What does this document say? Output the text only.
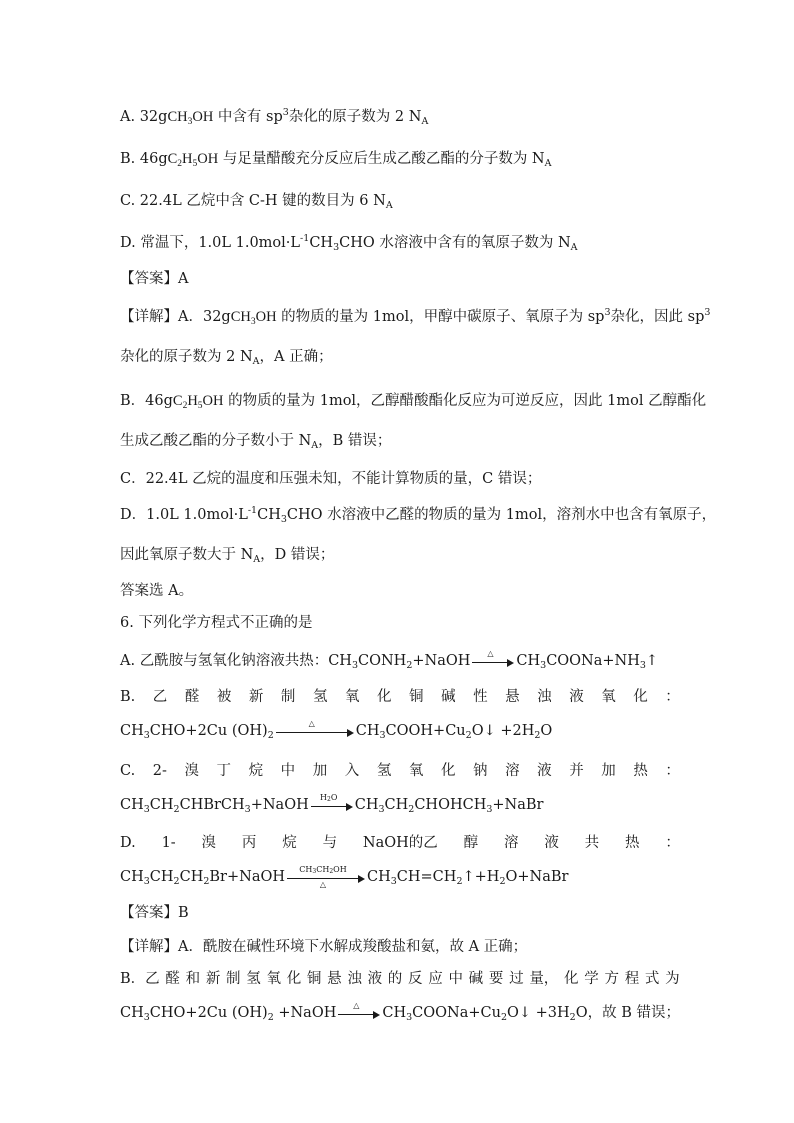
A. 32gCH$_3$OH 中含有 $sp^3$杂化的原子数为 2 $N_A$
B. $46gC_2H_5OH$ 与足量醋酸充分反应后生成乙酸乙酯的分子数为 $N_A$
C. 22.4L 乙烷中含 C-H 键的数目为 6 $N_A$
D. 常温下，1.0L $1.0mol\cdot L^{-1}CH_3CHO$ 水溶液中含有的氧原子数为 $N_A$
【答案】A
【详解】A．32gCH$_3$OH 的物质的量为 1mol，甲醇中碳原子、氧原子为 $sp^3$杂化，因此 $sp^3$
杂化的原子数为 2 $N_A$，A 正确；
B．$46gC_2H_5OH$ 的物质的量为 1mol，乙醇醋酸酯化反应为可逆反应，因此 1mol 乙醇酯化
生成乙酸乙酯的分子数小于 $N_A$，B 错误；
C．22.4L 乙烷的温度和压强未知，不能计算物质的量，C 错误；
D．1.0L $1.0mol\cdot L^{-1}CH_3CHO$ 水溶液中乙醛的物质的量为 1mol，溶剂水中也含有氧原子，
因此氧原子数大于 $N_A$，D 错误；
答案选 A。
6. 下列化学方程式不正确的是
A. 乙酰胺与氢氧化钠溶液共热：$CH_3CONH_2+NaOH$	△	$CH_3COONa+NH_3↑$
B. 乙 醛 被 新 制 氢 氧 化 铜 碱 性 悬 浊 液 氧 化 ：
$CH_3CHO+2Cu$ $(OH)_2$
△	$CH_3COOH+Cu_2O↓ +2H_2O$
C. 2- 溴 丁 烷 中 加 入 氢 氧 化 钠 溶 液 并 加 热 ：
$CH_3CH_2CHBrCH_3+NaOH$	$H_2O$	$CH_3CH_2CHOHCH_3+NaBr$
D. 1- 溴 丙 烷 与 NaOH的乙 醇 溶 液 共 热 ：
$CH_3CH_2CH_2Br+NaOH$	$CH_3CH_2OH$
△	$CH_3CH=CH_2↑+H_2O+NaBr$
【答案】B
【详解】A．酰胺在碱性环境下水解成羧酸盐和氨，故 A 正确；
B．乙 醛 和 新 制 氢 氧 化 铜 悬 浊 液 的 反 应 中 碱 要 过 量， 化 学 方 程 式 为
$CH_3CHO+2Cu$ $(OH)_2$ +NaOH	△	$CH_3COONa+Cu_2O↓ +3H_2O$，故 B 错误；
